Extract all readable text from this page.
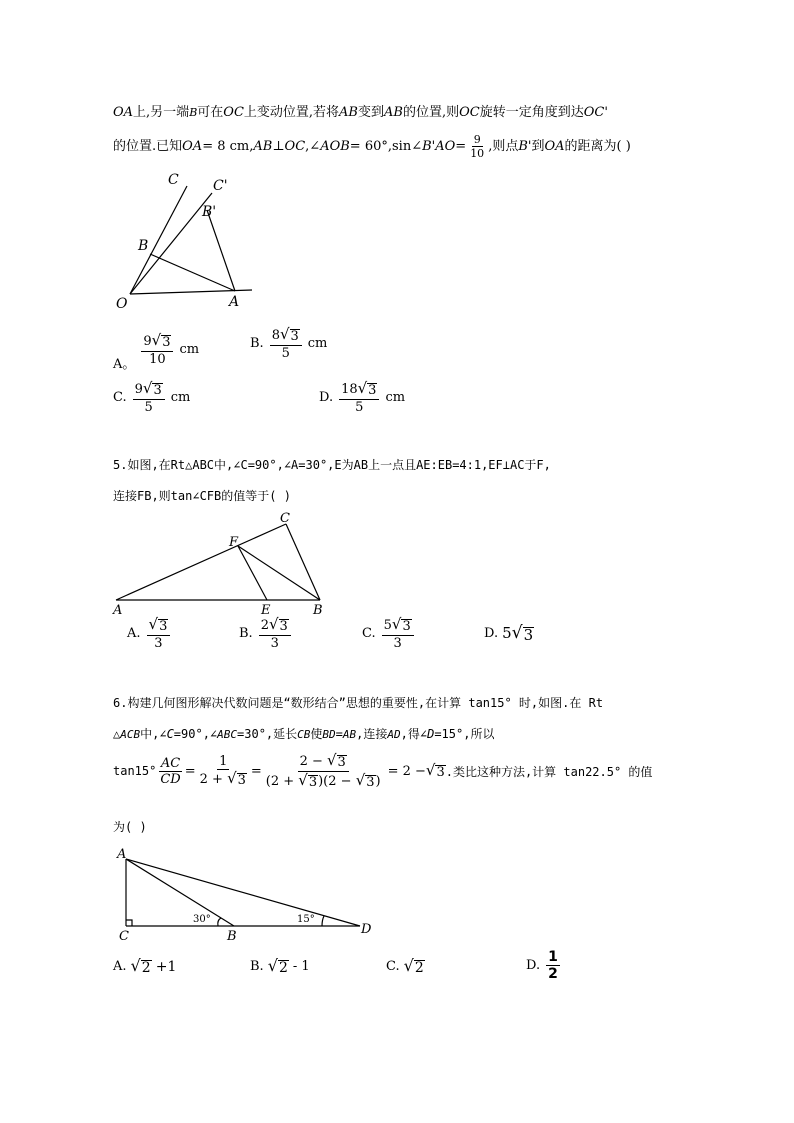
OA上,另一端B可在OC上变动位置,若将AB变到AB的位置,则OC旋转一定角度到达OC'
的位置.已知 OA = 8 cm, AB ⊥ OC ,∠ AOB = 60°,sin∠ $B'AO = \frac{9}{10}$ ,则点 B' 到 OA 的距离为( )
C C'
B'
B
O	A
A。 $\frac{9 √ 3}{10}$ cm	B. $\frac{8 √ 3}{5}$ cm
C. $\frac{9 √ 3}{5}$ cm	D. $\frac{18 √ 3}{5}$ cm
5.如图,在Rt△ABC中,∠C=90°,∠A=30°,E为AB上一点且AE:EB=4:1,EF⊥AC于F,
连接FB,则tan∠CFB的值等于( )
C
F
A	E	B
A. $\frac{√ 3}{3}$	B. $\frac{2 √ 3}{3}$	C. $\frac{5 √ 3}{3}$	D. 5 √ 3
6.构建几何图形解决代数问题是“数形结合”思想的重要性,在计算 tan15° 时,如图.在 Rt
△ACB中,∠C=90°,∠ABC=30°,延长CB使BD=AB,连接AD,得∠D=15°,所以
$\tan 15^\circ \frac{AC}{CD} = \frac{1}{2 + √ 3} = \frac{2 - √ 3}{(2 + √ 3 )(2 - √ 3 )} = 2$ − √ 3 .类比这种方法,计算 tan22.5° 的值
为( )
A
C	B	D
30°	15°
A. √ 2 +1	B. √ 2 - 1	C. √ 2	D. $\frac{1}{2}$
